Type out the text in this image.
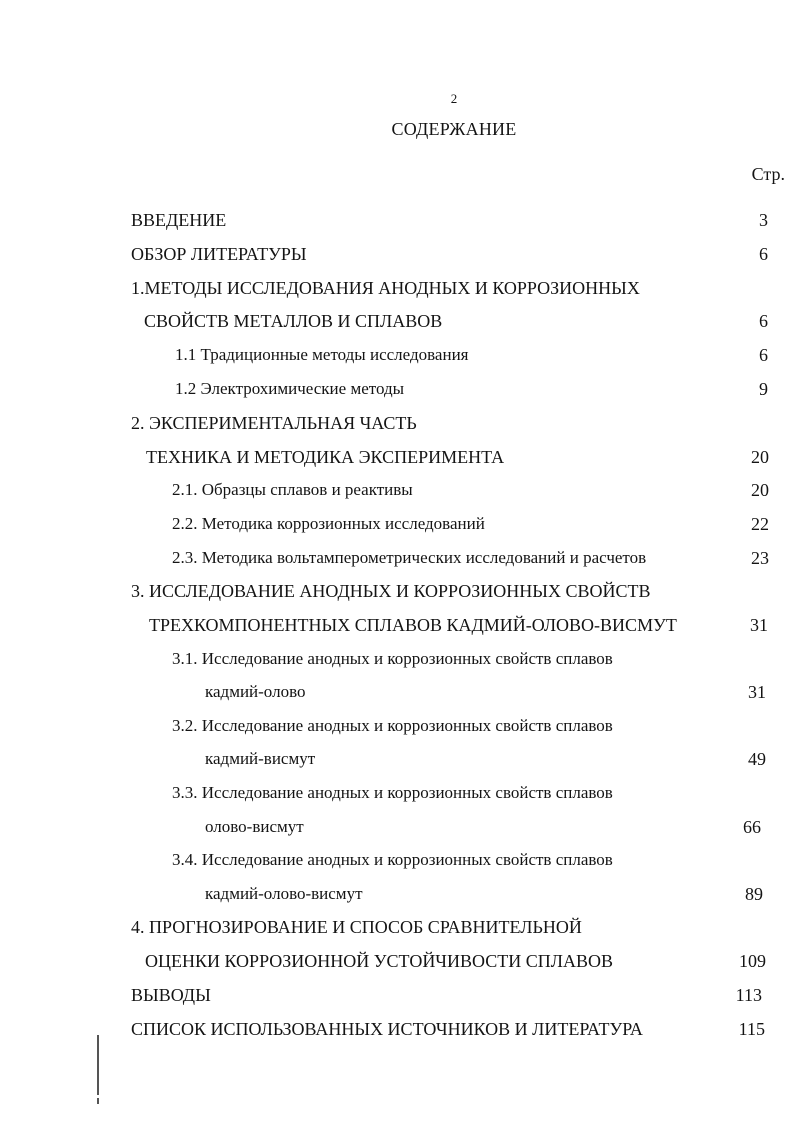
2
СОДЕРЖАНИЕ
Стр.
ВВЕДЕНИЕ	3
ОБЗОР ЛИТЕРАТУРЫ	6
1.МЕТОДЫ ИССЛЕДОВАНИЯ АНОДНЫХ И КОРРОЗИОННЫХ
СВОЙСТВ МЕТАЛЛОВ И СПЛАВОВ	6
1.1 Традиционные методы исследования	6
1.2 Электрохимические методы	9
2. ЭКСПЕРИМЕНТАЛЬНАЯ ЧАСТЬ
ТЕХНИКА И МЕТОДИКА ЭКСПЕРИМЕНТА	20
2.1. Образцы сплавов и реактивы	20
2.2. Методика коррозионных исследований	22
2.3. Методика вольтамперометрических исследований и расчетов	23
3. ИССЛЕДОВАНИЕ АНОДНЫХ И КОРРОЗИОННЫХ СВОЙСТВ
ТРЕХКОМПОНЕНТНЫХ СПЛАВОВ КАДМИЙ-ОЛОВО-ВИСМУТ	31
3.1. Исследование анодных и коррозионных свойств сплавов
кадмий-олово	31
3.2. Исследование анодных и коррозионных свойств сплавов
кадмий-висмут	49
3.3. Исследование анодных и коррозионных свойств сплавов
олово-висмут	66
3.4. Исследование анодных и коррозионных свойств сплавов
кадмий-олово-висмут	89
4. ПРОГНОЗИРОВАНИЕ И СПОСОБ СРАВНИТЕЛЬНОЙ
ОЦЕНКИ КОРРОЗИОННОЙ УСТОЙЧИВОСТИ СПЛАВОВ	109
ВЫВОДЫ	113
СПИСОК ИСПОЛЬЗОВАННЫХ ИСТОЧНИКОВ И ЛИТЕРАТУРА	115
